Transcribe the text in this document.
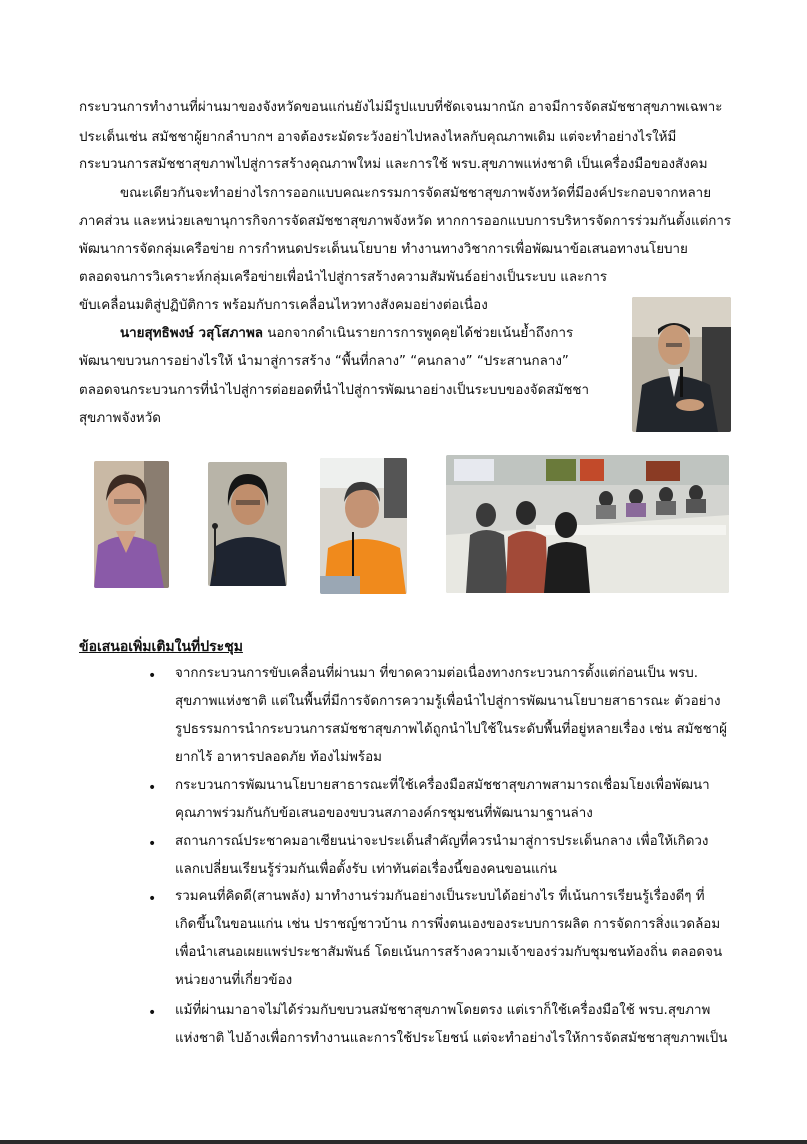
กระบวนการทำงานที่ผ่านมาของจังหวัดขอนแก่นยังไม่มีรูปแบบที่ชัดเจนมากนัก อาจมีการจัดสมัชชาสุขภาพเฉพาะ
ประเด็นเช่น สมัชชาผู้ยากลำบากฯ อาจต้องระมัดระวังอย่าไปหลงไหลกับคุณภาพเดิม แต่จะทำอย่างไรให้มี
กระบวนการสมัชชาสุขภาพไปสู่การสร้างคุณภาพใหม่ และการใช้ พรบ.สุขภาพแห่งชาติ เป็นเครื่องมือของสังคม
ขณะเดียวกันจะทำอย่างไรการออกแบบคณะกรรมการจัดสมัชชาสุขภาพจังหวัดที่มีองค์ประกอบจากหลาย
ภาคส่วน และหน่วยเลขานุการกิจการจัดสมัชชาสุขภาพจังหวัด หากการออกแบบการบริหารจัดการร่วมกันตั้งแต่การ
พัฒนาการจัดกลุ่มเครือข่าย การกำหนดประเด็นนโยบาย ทำงานทางวิชาการเพื่อพัฒนาข้อเสนอทางนโยบาย
ตลอดจนการวิเคราะห์กลุ่มเครือข่ายเพื่อนำไปสู่การสร้างความสัมพันธ์อย่างเป็นระบบ และการ
ขับเคลื่อนมติสู่ปฏิบัติการ พร้อมกับการเคลื่อนไหวทางสังคมอย่างต่อเนื่อง
นายสุทธิพงษ์ วสุโสภาพล นอกจากดำเนินรายการการพูดคุยได้ช่วยเน้นย้ำถึงการ
พัฒนาขบวนการอย่างไรให้ นำมาสู่การสร้าง “พื้นที่กลาง” “คนกลาง” “ประสานกลาง”
ตลอดจนกระบวนการที่นำไปสู่การต่อยอดที่นำไปสู่การพัฒนาอย่างเป็นระบบของจัดสมัชชา
สุขภาพจังหวัด
ข้อเสนอเพิ่มเติมในที่ประชุม
• จากกระบวนการขับเคลื่อนที่ผ่านมา ที่ขาดความต่อเนื่องทางกระบวนการตั้งแต่ก่อนเป็น พรบ.
สุขภาพแห่งชาติ แต่ในพื้นที่มีการจัดการความรู้เพื่อนำไปสู่การพัฒนานโยบายสาธารณะ ตัวอย่าง
รูปธรรมการนำกระบวนการสมัชชาสุขภาพได้ถูกนำไปใช้ในระดับพื้นที่อยู่หลายเรื่อง เช่น สมัชชาผู้
ยากไร้ อาหารปลอดภัย ท้องไม่พร้อม
• กระบวนการพัฒนานโยบายสาธารณะที่ใช้เครื่องมือสมัชชาสุขภาพสามารถเชื่อมโยงเพื่อพัฒนา
คุณภาพร่วมกันกับข้อเสนอของขบวนสภาองค์กรชุมชนที่พัฒนามาฐานล่าง
• สถานการณ์ประชาคมอาเซียนน่าจะประเด็นสำคัญที่ควรนำมาสู่การประเด็นกลาง เพื่อให้เกิดวง
แลกเปลี่ยนเรียนรู้ร่วมกันเพื่อตั้งรับ เท่าทันต่อเรื่องนี้ของคนขอนแก่น
• รวมคนที่คิดดี(สานพลัง) มาทำงานร่วมกันอย่างเป็นระบบได้อย่างไร ที่เน้นการเรียนรู้เรื่องดีๆ ที่
เกิดขึ้นในขอนแก่น เช่น ปราชญ์ชาวบ้าน การพึ่งตนเองของระบบการผลิต การจัดการสิ่งแวดล้อม
เพื่อนำเสนอเผยแพร่ประชาสัมพันธ์ โดยเน้นการสร้างความเจ้าของร่วมกับชุมชนท้องถิ่น ตลอดจน
หน่วยงานที่เกี่ยวข้อง
• แม้ที่ผ่านมาอาจไม่ได้ร่วมกับขบวนสมัชชาสุขภาพโดยตรง แต่เราก็ใช้เครื่องมือใช้ พรบ.สุขภาพ
แห่งชาติ ไปอ้างเพื่อการทำงานและการใช้ประโยชน์ แต่จะทำอย่างไรให้การจัดสมัชชาสุขภาพเป็น
